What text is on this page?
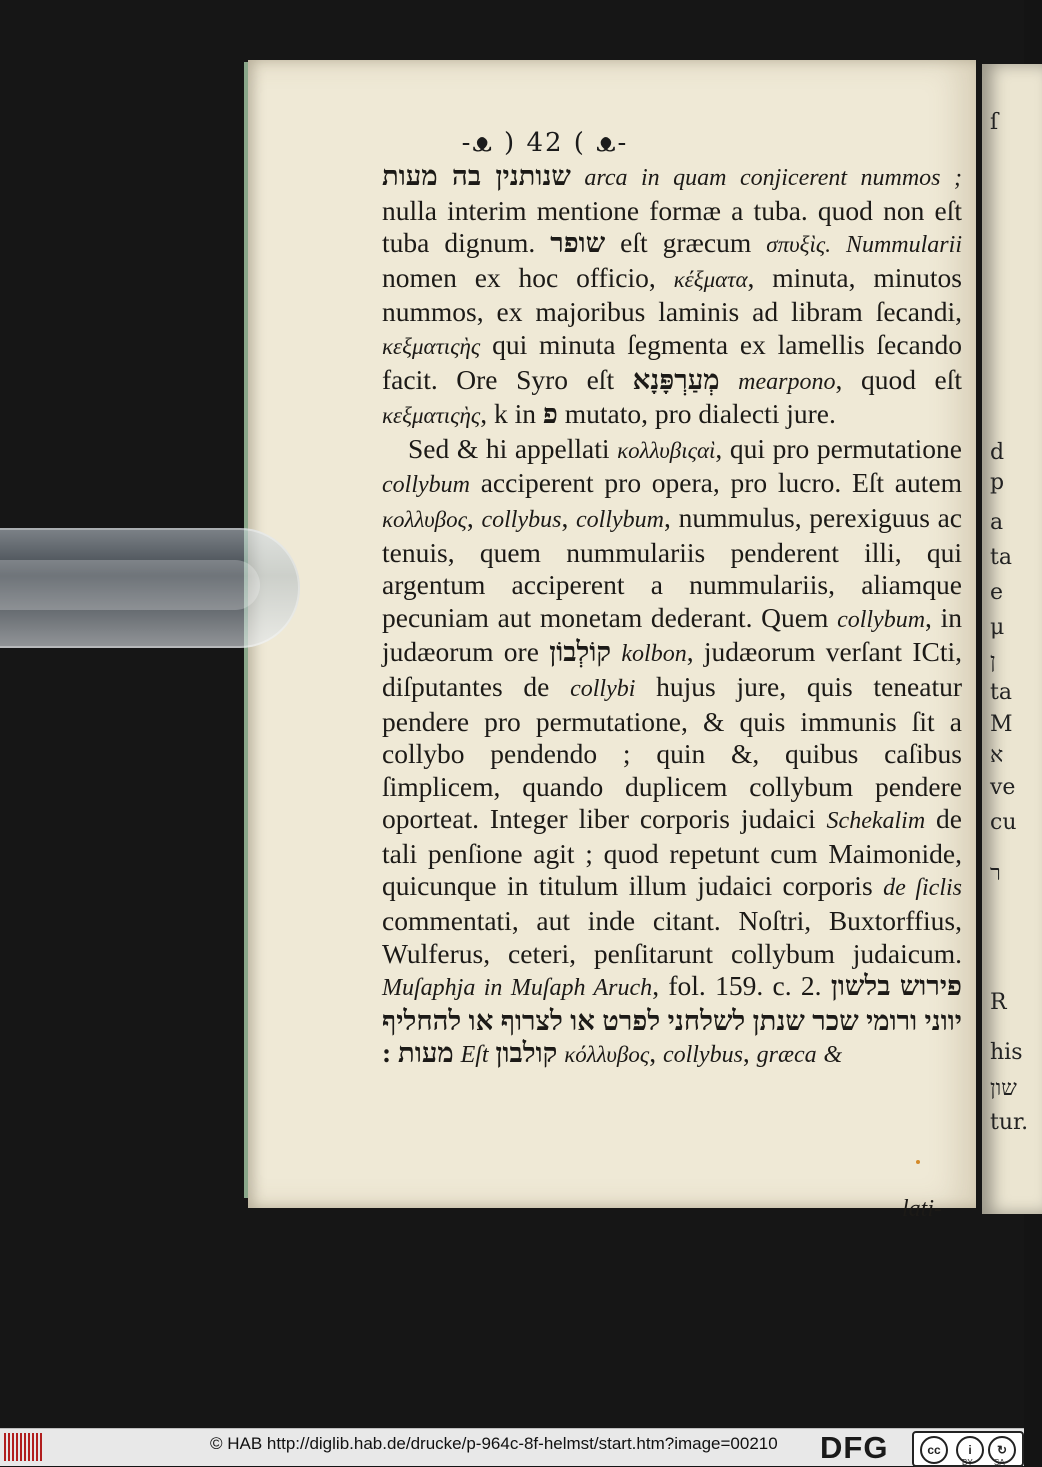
ſ
d
p
a
ta
e
μ
ן
ta
M
א
ve
cu
ר
R
his
שון
tur.
-ᴥ ) 42 ( ᴥ-

שנותנין בה מעות arca in quam conjicerent nummos ; nulla interim mentione formæ a tuba. quod non eſt tuba dignum. שופר eſt græcum σπυξὶς. Nummularii nomen ex hoc officio, κέξματα, minuta, minutos nummos, ex majoribus laminis ad libram ſecandi, κεξματιςὴς qui minuta ſegmenta ex lamellis ſecando facit. Ore Syro eſt מְעַרְפָּנָא mearpono, quod eſt κεξματιςὴς, k in פ mutato, pro dialecti jure.

Sed & hi appellati κολλυβιςαὶ, qui pro permutatione collybum acciperent pro opera, pro lucro. Eſt autem κολλυβος, collybus, collybum, nummulus, perexiguus ac tenuis, quem nummulariis penderent illi, qui argentum acciperent a nummulariis, aliamque pecuniam aut monetam dederant. Quem collybum, in judæorum ore קוֹלְבוֹן kolbon, judæorum verſant ICti, diſputantes de collybi hujus jure, quis teneatur pendere pro permutatione, & quis immunis ſit a collybo pendendo ; quin &, quibus caſibus ſimplicem, quando duplicem collybum pendere oporteat. Integer liber corporis judaici Schekalim de tali penſione agit ; quod repetunt cum Maimonide, quicunque in titulum illum judaici corporis de ſiclis commentati, aut inde citant. Noſtri, Buxtorffius, Wulferus, ceteri, penſitarunt collybum judaicum. Muſaphja in Muſaph Aruch, fol. 159. c. 2. פירוש בלשון יווני ורומי שכר שנתן לשלחני לפרט או לצרוף או להחליף : מעות Eſt קולבון κόλλυβος, collybus, græca &

lati-
© HAB http://diglib.hab.de/drucke/p-964c-8f-helmst/start.htm?image=00210 DFG	cc	i	↻
BY	SA
